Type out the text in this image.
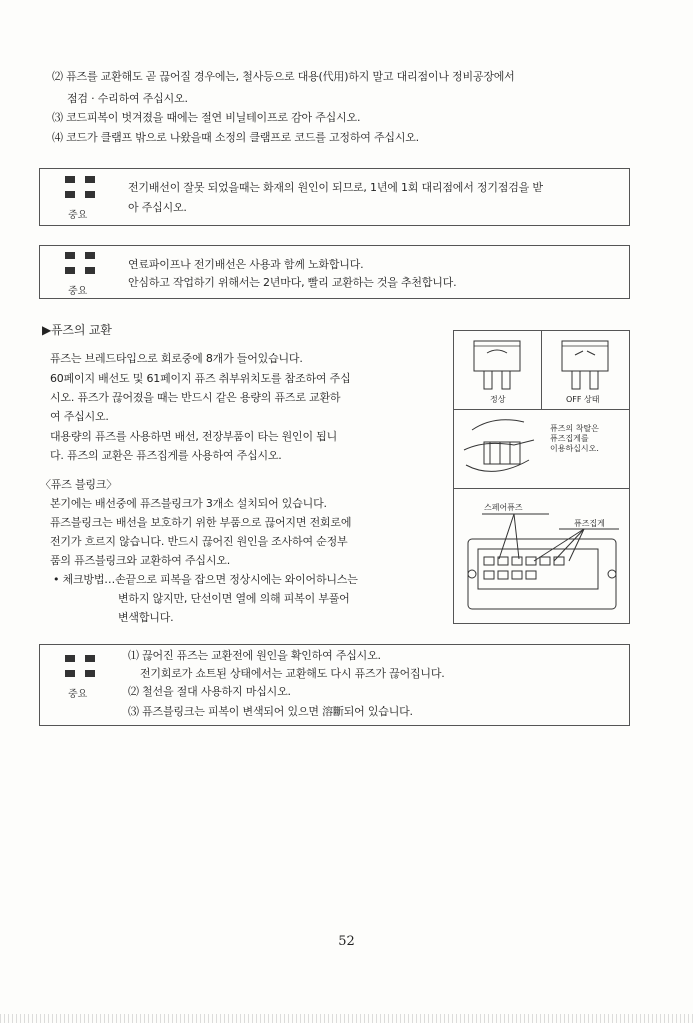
⑵ 퓨즈를 교환해도 곧 끊어질 경우에는, 철사등으로 대용(代用)하지 말고 대리점이나 정비공장에서
점검 · 수리하여 주십시오.
⑶ 코드피복이 벗겨졌을 때에는 절연 비닐테이프로 감아 주십시오.
⑷ 코드가 클램프 밖으로 나왔을때 소정의 클램프로 코드를 고정하여 주십시오.
중요
전기배선이 잘못 되었을때는 화재의 원인이 되므로, 1년에 1회 대리점에서 정기점검을 받
아 주십시오.
중요
연료파이프나 전기배선은 사용과 함께 노화합니다.
안심하고 작업하기 위해서는 2년마다, 빨리 교환하는 것을 추천합니다.
▶퓨즈의 교환
퓨즈는 브레드타입으로 회로중에 8개가 들어있습니다.
60페이지 배선도 및 61페이지 퓨즈 취부위치도를 참조하여 주십
시오. 퓨즈가 끊어졌을 때는 반드시 같은 용량의 퓨즈로 교환하
여 주십시오.
대용량의 퓨즈를 사용하면 배선, 전장부품이 타는 원인이 됩니
다. 퓨즈의 교환은 퓨즈집게를 사용하여 주십시오.
〈퓨즈 블링크〉
본기에는 배선중에 퓨즈블링크가 3개소 설치되어 있습니다.
퓨즈블링크는 배선을 보호하기 위한 부품으로 끊어지면 전회로에
전기가 흐르지 않습니다. 반드시 끊어진 원인을 조사하여 순정부
품의 퓨즈블링크와 교환하여 주십시오.
• 체크방법…손끝으로 피복을 잡으면 정상시에는 와이어하니스는
변하지 않지만, 단선이면 열에 의해 피복이 부풀어
변색합니다.
정상	OFF 상태
퓨즈의 착탈은
퓨즈집게를
이용하십시오.
스페어퓨즈
퓨즈집게
중요
⑴ 끊어진 퓨즈는 교환전에 원인을 확인하여 주십시오.
전기회로가 쇼트된 상태에서는 교환해도 다시 퓨즈가 끊어집니다.
⑵ 철선을 절대 사용하지 마십시오.
⑶ 퓨즈블링크는 피복이 변색되어 있으면 溶斷되어 있습니다.
52
